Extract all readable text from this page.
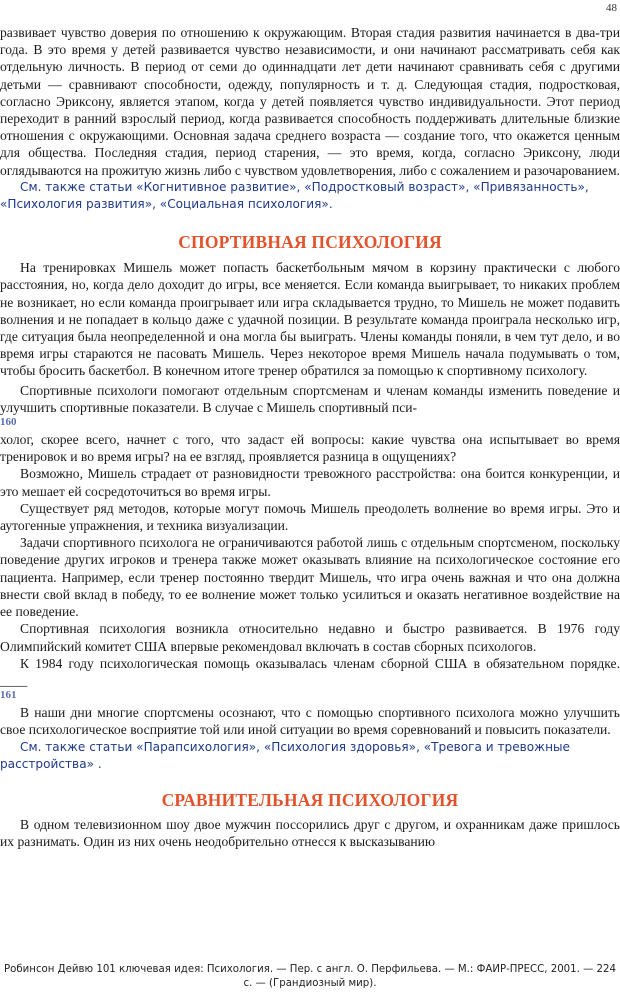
48

развивает чувство доверия по отношению к окружающим. Вторая стадия развития начинается в два-три года. В это время у детей развивается чувство независимости, и они начинают рассматривать себя как отдельную личность. В период от семи до одиннадцати лет дети начинают сравнивать себя с другими детьми — сравнивают способности, одежду, популярность и т. д. Следующая стадия, подростковая, согласно Эриксону, является этапом, когда у детей появляется чувство индивидуальности. Этот период переходит в ранний взрослый период, когда развивается способность поддерживать длительные близкие отношения с окружающими. Основная задача среднего возраста — создание того, что окажется ценным для общества. Последняя стадия, период старения, — это время, когда, согласно Эриксону, люди оглядываются на прожитую жизнь либо с чувством удовлетворения, либо с сожалением и разочарованием.

См. также статьи «Когнитивное развитие», «Подростковый возраст», «Привязанность», «Психология развития», «Социальная психология».

СПОРТИВНАЯ ПСИХОЛОГИЯ

На тренировках Мишель может попасть баскетбольным мячом в корзину практически с любого расстояния, но, когда дело доходит до игры, все меняется. Если команда выигрывает, то никаких проблем не возникает, но если команда проигрывает или игра складывается трудно, то Мишель не может подавить волнения и не попадает в кольцо даже с удачной позиции. В результате команда проиграла несколько игр, где ситуация была неопределенной и она могла бы выиграть. Члены команды поняли, в чем тут дело, и во время игры стараются не пасовать Мишель. Через некоторое время Мишель начала подумывать о том, чтобы бросить баскетбол. В конечном итоге тренер обратился за помощью к спортивному психологу.

Спортивные психологи помогают отдельным спортсменам и членам команды изменить поведение и улучшить спортивные показатели. В случае с Мишель спортивный пси-

160

холог, скорее всего, начнет с того, что задаст ей вопросы: какие чувства она испытывает во время тренировок и во время игры? на ее взгляд, проявляется разница в ощущениях?

Возможно, Мишель страдает от разновидности тревожного расстройства: она боится конкуренции, и это мешает ей сосредоточиться во время игры.

Существует ряд методов, которые могут помочь Мишель преодолеть волнение во время игры. Это и аутогенные упражнения, и техника визуализации.

Задачи спортивного психолога не ограничиваются работой лишь с отдельным спортсменом, поскольку поведение других игроков и тренера также может оказывать влияние на психологическое состояние его пациента. Например, если тренер постоянно твердит Мишель, что игра очень важная и что она должна внести свой вклад в победу, то ее волнение может только усилиться и оказать негативное воздействие на ее поведение.

Спортивная психология возникла относительно недавно и быстро развивается. В 1976 году Олимпийский комитет США впервые рекомендовал включать в состав сборных психологов.

К 1984 году психологическая помощь оказывалась членам сборной США в обязательном порядке. ____

161

В наши дни многие спортсмены осознают, что с помощью спортивного психолога можно улучшить свое психологическое восприятие той или иной ситуации во время соревнований и повысить показатели.

См. также статьи «Парапсихология», «Психология здоровья», «Тревога и тревожные расстройства» .

СРАВНИТЕЛЬНАЯ ПСИХОЛОГИЯ

В одном телевизионном шоу двое мужчин поссорились друг с другом, и охранникам даже пришлось их разнимать. Один из них очень неодобрительно отнесся к высказыванию

Робинсон Дейвю 101 ключевая идея: Психология. — Пер. с англ. О. Перфильева. — М.: ФАИР-ПРЕСС, 2001. — 224 с. — (Грандиозный мир).
